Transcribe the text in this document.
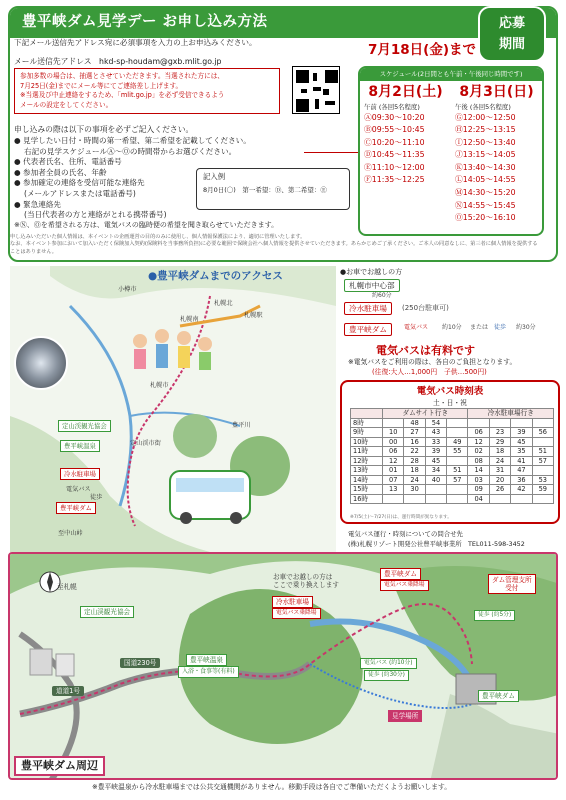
豊平峡ダム見学デー お申し込み方法	応募
期間
下記メール送信先アドレス宛に必須事項を入力の上お申込みください。
メール送信先アドレス hkd-sp-houdam@gxb.mlit.go.jp
参加多数の場合は、抽選とさせていただきます。当選された方には、
7月25日(金)までにメール等にてご連絡差し上げます。
※当選及び中止連絡をするため、「mlit.go.jp」を必ず受信できるよう
メールの設定をしてください。
7月18日(金)まで
申し込みの際は以下の事項を必ずご記入ください。
● 見学したい日付・時間の第一希望、第二希望を記載してください。
右記の見学スケジュールⒶ～Ⓞの時間帯からお選びください。
● 代表者氏名、住所、電話番号
● 参加者全員の氏名、年齢
● 参加確定の連絡を受信可能な連絡先
(メールアドレスまたは電話番号)
● 緊急連絡先
(当日代表者の方と連絡がとれる携帯番号)
※Ⓝ、Ⓞを希望される方は、電気バスの臨時便の希望を聞き取らせていただきます。
記入例
8月0日(〇)　第一希望：Ⓓ、第二希望：Ⓔ
申し込みいただいた個人情報は、本イベントの企画運営の目的のみに使用し、個人情報保護法により、適切に管理いたします。
なお、本イベント参加において加入いただく保険加入契約(保険料を当事務所負担)に必要な範囲で保険会社へ個人情報を提供させていただきます。あらかじめご了承ください。ご本人の同意なしに、第三者に個人情報を提供することはありません。
スケジュール(2日間とも午前・午後同じ時間です)
8月2日(土)
午前 (各回5名程度)
Ⓐ09:30～10:20
Ⓑ09:55～10:45
Ⓒ10:20～11:10
Ⓓ10:45～11:35
Ⓔ11:10～12:00
Ⓕ11:35～12:25
8月3日(日)
午後 (各回5名程度)
Ⓖ12:00～12:50
Ⓗ12:25～13:15
Ⓘ12:50～13:40
Ⓙ13:15～14:05
Ⓚ13:40～14:30
Ⓛ14:05～14:55
Ⓜ14:30～15:20
Ⓝ14:55～15:45
Ⓞ15:20～16:10
●豊平峡ダムまでのアクセス
小樽市
札幌駅
札幌北
札幌南
札幌市
豊平川
定山渓市街
定山渓観光協会
豊平峡温泉
冷水駐車場
電気バス
徒歩
豊平峡ダム
至中山峠
●お車でお越しの方
札幌市中心部
約60分
冷水駐車場	(250台駐車可)
豊平峡ダム	電気バス 約10分 または 徒歩 約30分
電気バスは有料です
※電気バスをご利用の際は、各自のご負担となります。
(往復:大人…1,000円　子供…500円)
電気バス時刻表
土・日・祝
	ダムサイト行き				冷水駐車場行き			
8時		48	54					
9時	10	27	43		06	23	39	56
10時	00	16	33	49	12	29	45	
11時	06	22	39	55	02	18	35	51
12時	12	28	45		08	24	41	57
13時	01	18	34	51	14	31	47	
14時	07	24	40	57	03	20	36	53
15時	13	30			09	26	42	59
16時					04			
※7/5(土)～7/27(日)は、運行時間が異なります。
電気バス運行・時刻についての問合せ先
(株)札幌リゾート開発公社豊平峡事業所　TEL011-598-3452
至札幌
定山渓観光協会
豊平峡温泉
入浴・食事等(有料)
国道230号
道道1号
お車でお越しの方は
ここで乗り換えします
冷水駐車場
電気バス乗降場
豊平峡ダム
電気バス乗降場
ダム管理支所
受付
徒歩 (約5分)
電気バス (約10分)
徒歩 (約30分)
豊平峡ダム
見学場所
豊平峡ダム周辺
※豊平峡温泉から冷水駐車場までは公共交通機関がありません。移動手段は各自でご準備いただくようお願いします。
